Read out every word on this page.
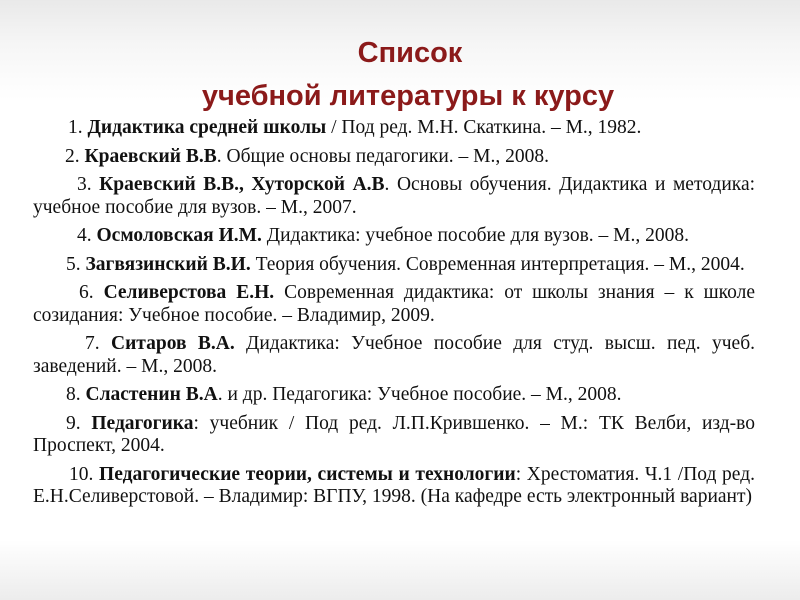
Список
учебной литературы к курсу
1. Дидактика средней школы / Под ред. М.Н. Скаткина. – М., 1982.
2. Краевский В.В. Общие основы педагогики. – М., 2008.
3. Краевский В.В., Хуторской А.В. Основы обучения. Дидактика и методика: учебное пособие для вузов. – М., 2007.
4. Осмоловская И.М. Дидактика: учебное пособие для вузов. – М., 2008.
5. Загвязинский В.И. Теория обучения. Современная интерпретация. – М., 2004.
6. Селиверстова Е.Н. Современная дидактика: от школы знания – к школе созидания: Учебное пособие. – Владимир, 2009.
7. Ситаров В.А. Дидактика: Учебное пособие для студ. высш. пед. учеб. заведений. – М., 2008.
8. Сластенин В.А. и др. Педагогика: Учебное пособие. – М., 2008.
9. Педагогика: учебник / Под ред. Л.П.Крившенко. – М.: ТК Велби, изд-во Проспект, 2004.
10. Педагогические теории, системы и технологии: Хрестоматия. Ч.1 /Под ред. Е.Н.Селиверстовой. – Владимир: ВГПУ, 1998. (На кафедре есть электронный вариант)
